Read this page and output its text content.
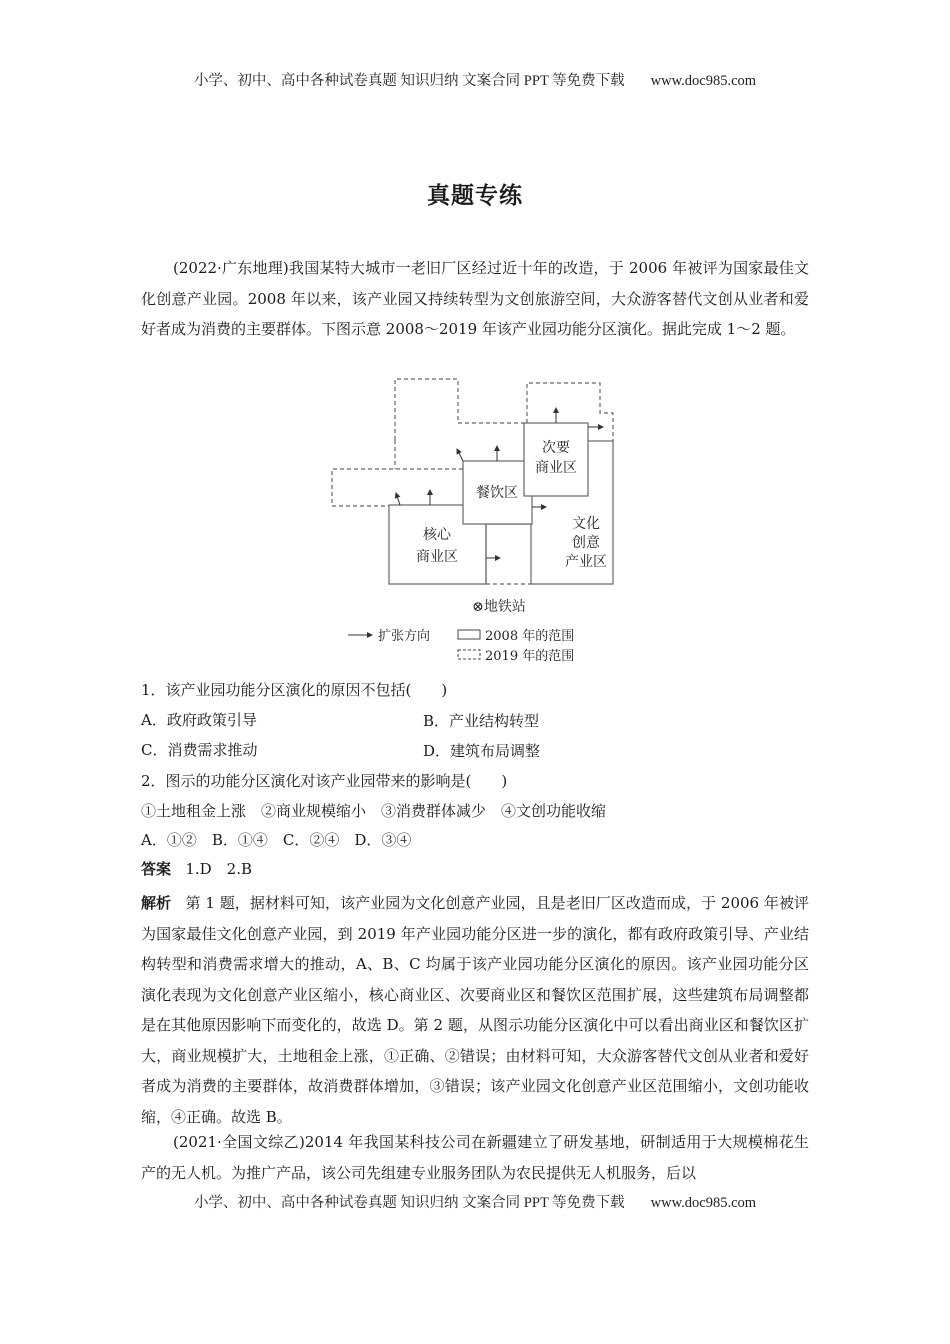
小学、初中、高中各种试卷真题 知识归纳 文案合同 PPT 等免费下载 www.doc985.com
真题专练
(2022·广东地理)我国某特大城市一老旧厂区经过近十年的改造，于 2006 年被评为国家最佳文化创意产业园。2008 年以来，该产业园又持续转型为文创旅游空间，大众游客替代文创从业者和爱好者成为消费的主要群体。下图示意 2008～2019 年该产业园功能分区演化。据此完成 1～2 题。
核心
商业区
餐饮区
次要
商业区
文化
创意
产业区
⊗地铁站
扩张方向	2008 年的范围
2019 年的范围
1．该产业园功能分区演化的原因不包括(　　)
A．政府政策引导	B．产业结构转型
C．消费需求推动	D．建筑布局调整
2．图示的功能分区演化对该产业园带来的影响是(　　)
①土地租金上涨　②商业规模缩小　③消费群体减少　④文创功能收缩
A．①②　B．①④　C．②④　D．③④
答案 1.D　2.B
解析 第 1 题，据材料可知，该产业园为文化创意产业园，且是老旧厂区改造而成，于 2006 年被评为国家最佳文化创意产业园，到 2019 年产业园功能分区进一步的演化，都有政府政策引导、产业结构转型和消费需求增大的推动，A、B、C 均属于该产业园功能分区演化的原因。该产业园功能分区演化表现为文化创意产业区缩小，核心商业区、次要商业区和餐饮区范围扩展，这些建筑布局调整都是在其他原因影响下而变化的，故选 D。第 2 题，从图示功能分区演化中可以看出商业区和餐饮区扩大，商业规模扩大，土地租金上涨，①正确、②错误；由材料可知，大众游客替代文创从业者和爱好者成为消费的主要群体，故消费群体增加，③错误；该产业园文化创意产业区范围缩小，文创功能收缩，④正确。故选 B。
(2021·全国文综乙)2014 年我国某科技公司在新疆建立了研发基地，研制适用于大规模棉花生产的无人机。为推广产品，该公司先组建专业服务团队为农民提供无人机服务，后以
小学、初中、高中各种试卷真题 知识归纳 文案合同 PPT 等免费下载 www.doc985.com
